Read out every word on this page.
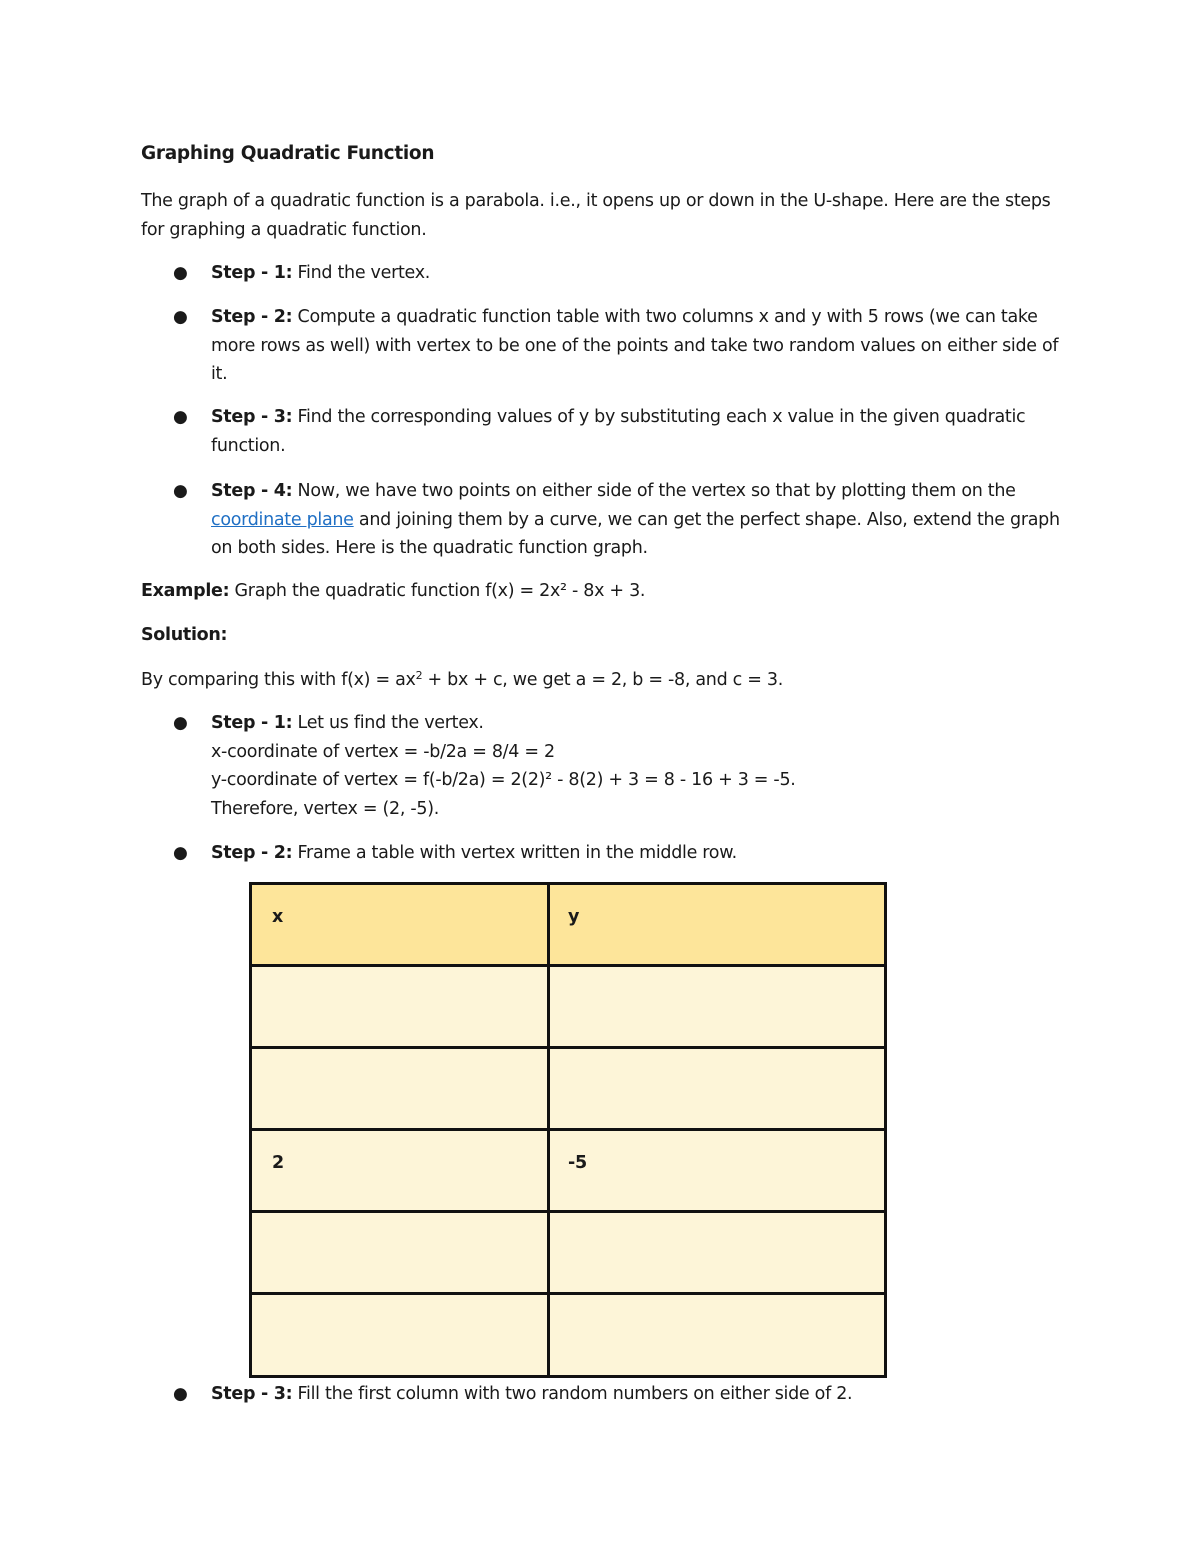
Graphing Quadratic Function
The graph of a quadratic function is a parabola. i.e., it opens up or down in the U-shape. Here are the steps for graphing a quadratic function.
● Step - 1: Find the vertex.
● Step - 2: Compute a quadratic function table with two columns x and y with 5 rows (we can take more rows as well) with vertex to be one of the points and take two random values on either side of it.
● Step - 3: Find the corresponding values of y by substituting each x value in the given quadratic function.
● Step - 4: Now, we have two points on either side of the vertex so that by plotting them on the coordinate plane and joining them by a curve, we can get the perfect shape. Also, extend the graph on both sides. Here is the quadratic function graph.
Example: Graph the quadratic function f(x) = 2x² - 8x + 3.
Solution:
By comparing this with $f(x) = ax^2$ + bx + c, we get a = 2, b = -8, and c = 3.
● Step - 1: Let us find the vertex.
x-coordinate of vertex = -b/2a = 8/4 = 2
y-coordinate of vertex = f(-b/2a) = 2(2)² - 8(2) + 3 = 8 - 16 + 3 = -5.
Therefore, vertex = (2, -5).
● Step - 2: Frame a table with vertex written in the middle row.
x	y
2	-5
● Step - 3: Fill the first column with two random numbers on either side of 2.
